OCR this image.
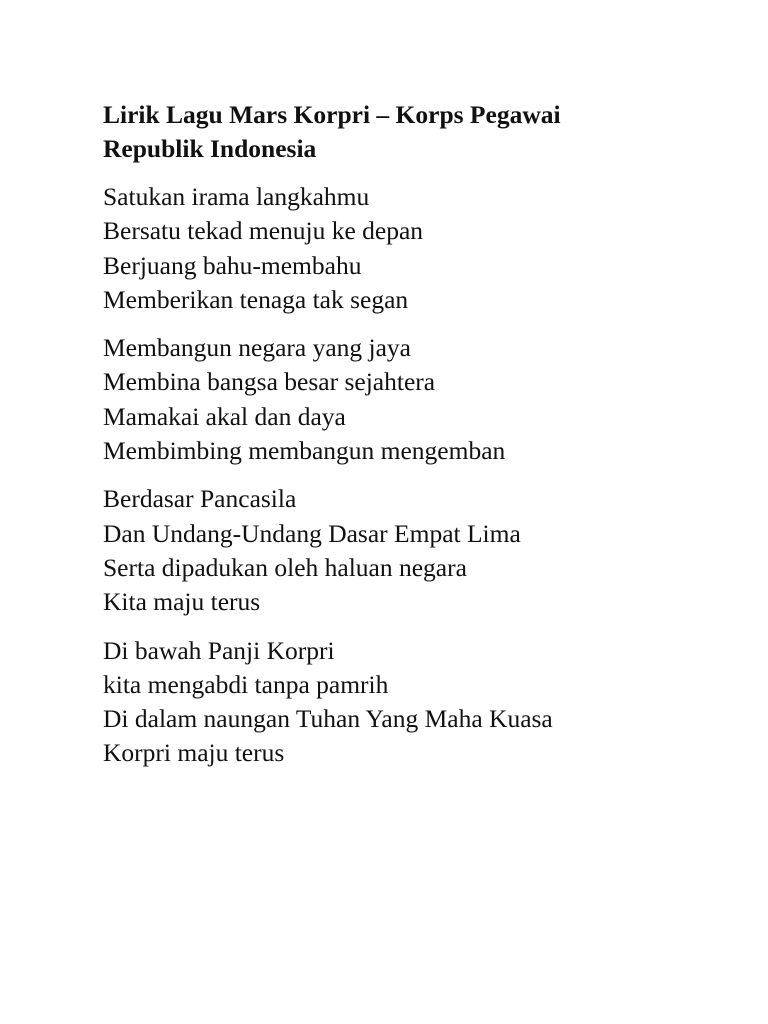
Lirik Lagu Mars Korpri – Korps Pegawai
Republik Indonesia
Satukan irama langkahmu
Bersatu tekad menuju ke depan
Berjuang bahu-membahu
Memberikan tenaga tak segan
Membangun negara yang jaya
Membina bangsa besar sejahtera
Mamakai akal dan daya
Membimbing membangun mengemban
Berdasar Pancasila
Dan Undang-Undang Dasar Empat Lima
Serta dipadukan oleh haluan negara
Kita maju terus
Di bawah Panji Korpri
kita mengabdi tanpa pamrih
Di dalam naungan Tuhan Yang Maha Kuasa
Korpri maju terus
